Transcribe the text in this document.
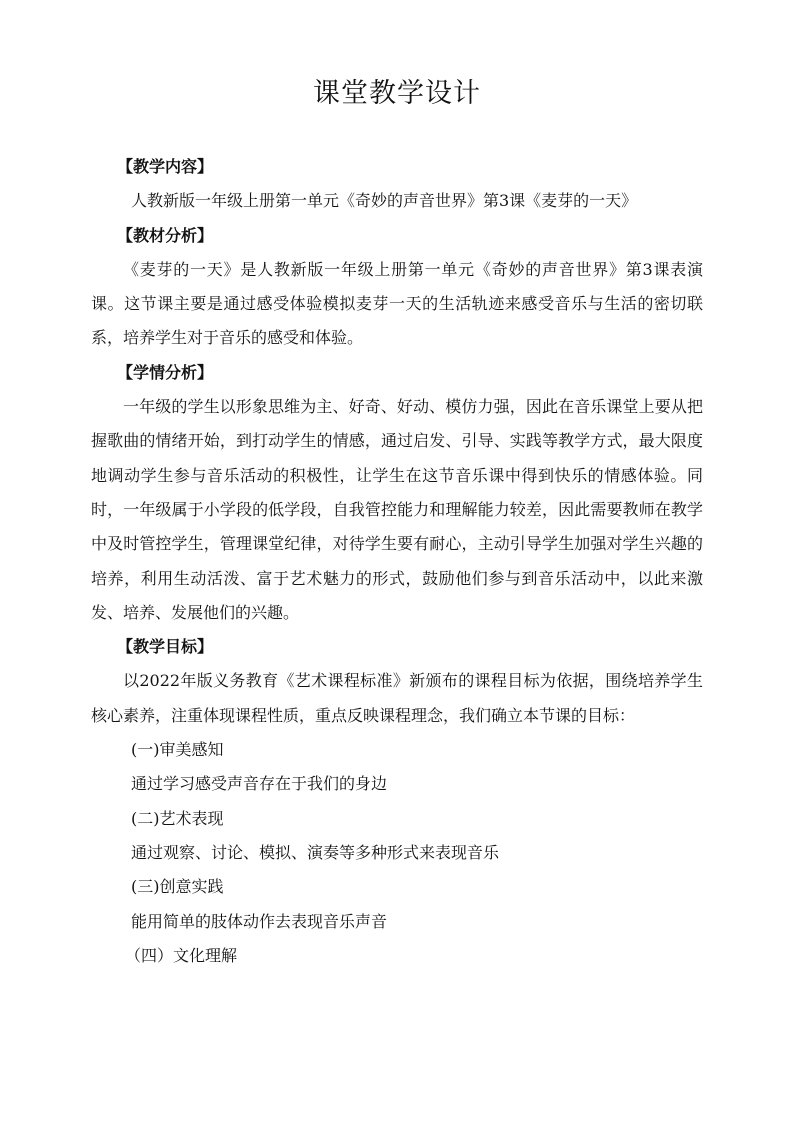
课堂教学设计

【教学内容】

人教新版一年级上册第一单元《奇妙的声音世界》第3课《麦芽的一天》

【教材分析】

《麦芽的一天》是人教新版一年级上册第一单元《奇妙的声音世界》第3课表演课。这节课主要是通过感受体验模拟麦芽一天的生活轨迹来感受音乐与生活的密切联系，培养学生对于音乐的感受和体验。

【学情分析】

一年级的学生以形象思维为主、好奇、好动、模仿力强，因此在音乐课堂上要从把握歌曲的情绪开始，到打动学生的情感，通过启发、引导、实践等教学方式，最大限度地调动学生参与音乐活动的积极性，让学生在这节音乐课中得到快乐的情感体验。同时，一年级属于小学段的低学段，自我管控能力和理解能力较差，因此需要教师在教学中及时管控学生，管理课堂纪律，对待学生要有耐心，主动引导学生加强对学生兴趣的培养，利用生动活泼、富于艺术魅力的形式，鼓励他们参与到音乐活动中，以此来激发、培养、发展他们的兴趣。

【教学目标】

以2022年版义务教育《艺术课程标准》新颁布的课程目标为依据，围绕培养学生核心素养，注重体现课程性质，重点反映课程理念，我们确立本节课的目标：

(一)审美感知

通过学习感受声音存在于我们的身边

(二)艺术表现

通过观察、讨论、模拟、演奏等多种形式来表现音乐

(三)创意实践

能用简单的肢体动作去表现音乐声音

（四）文化理解
